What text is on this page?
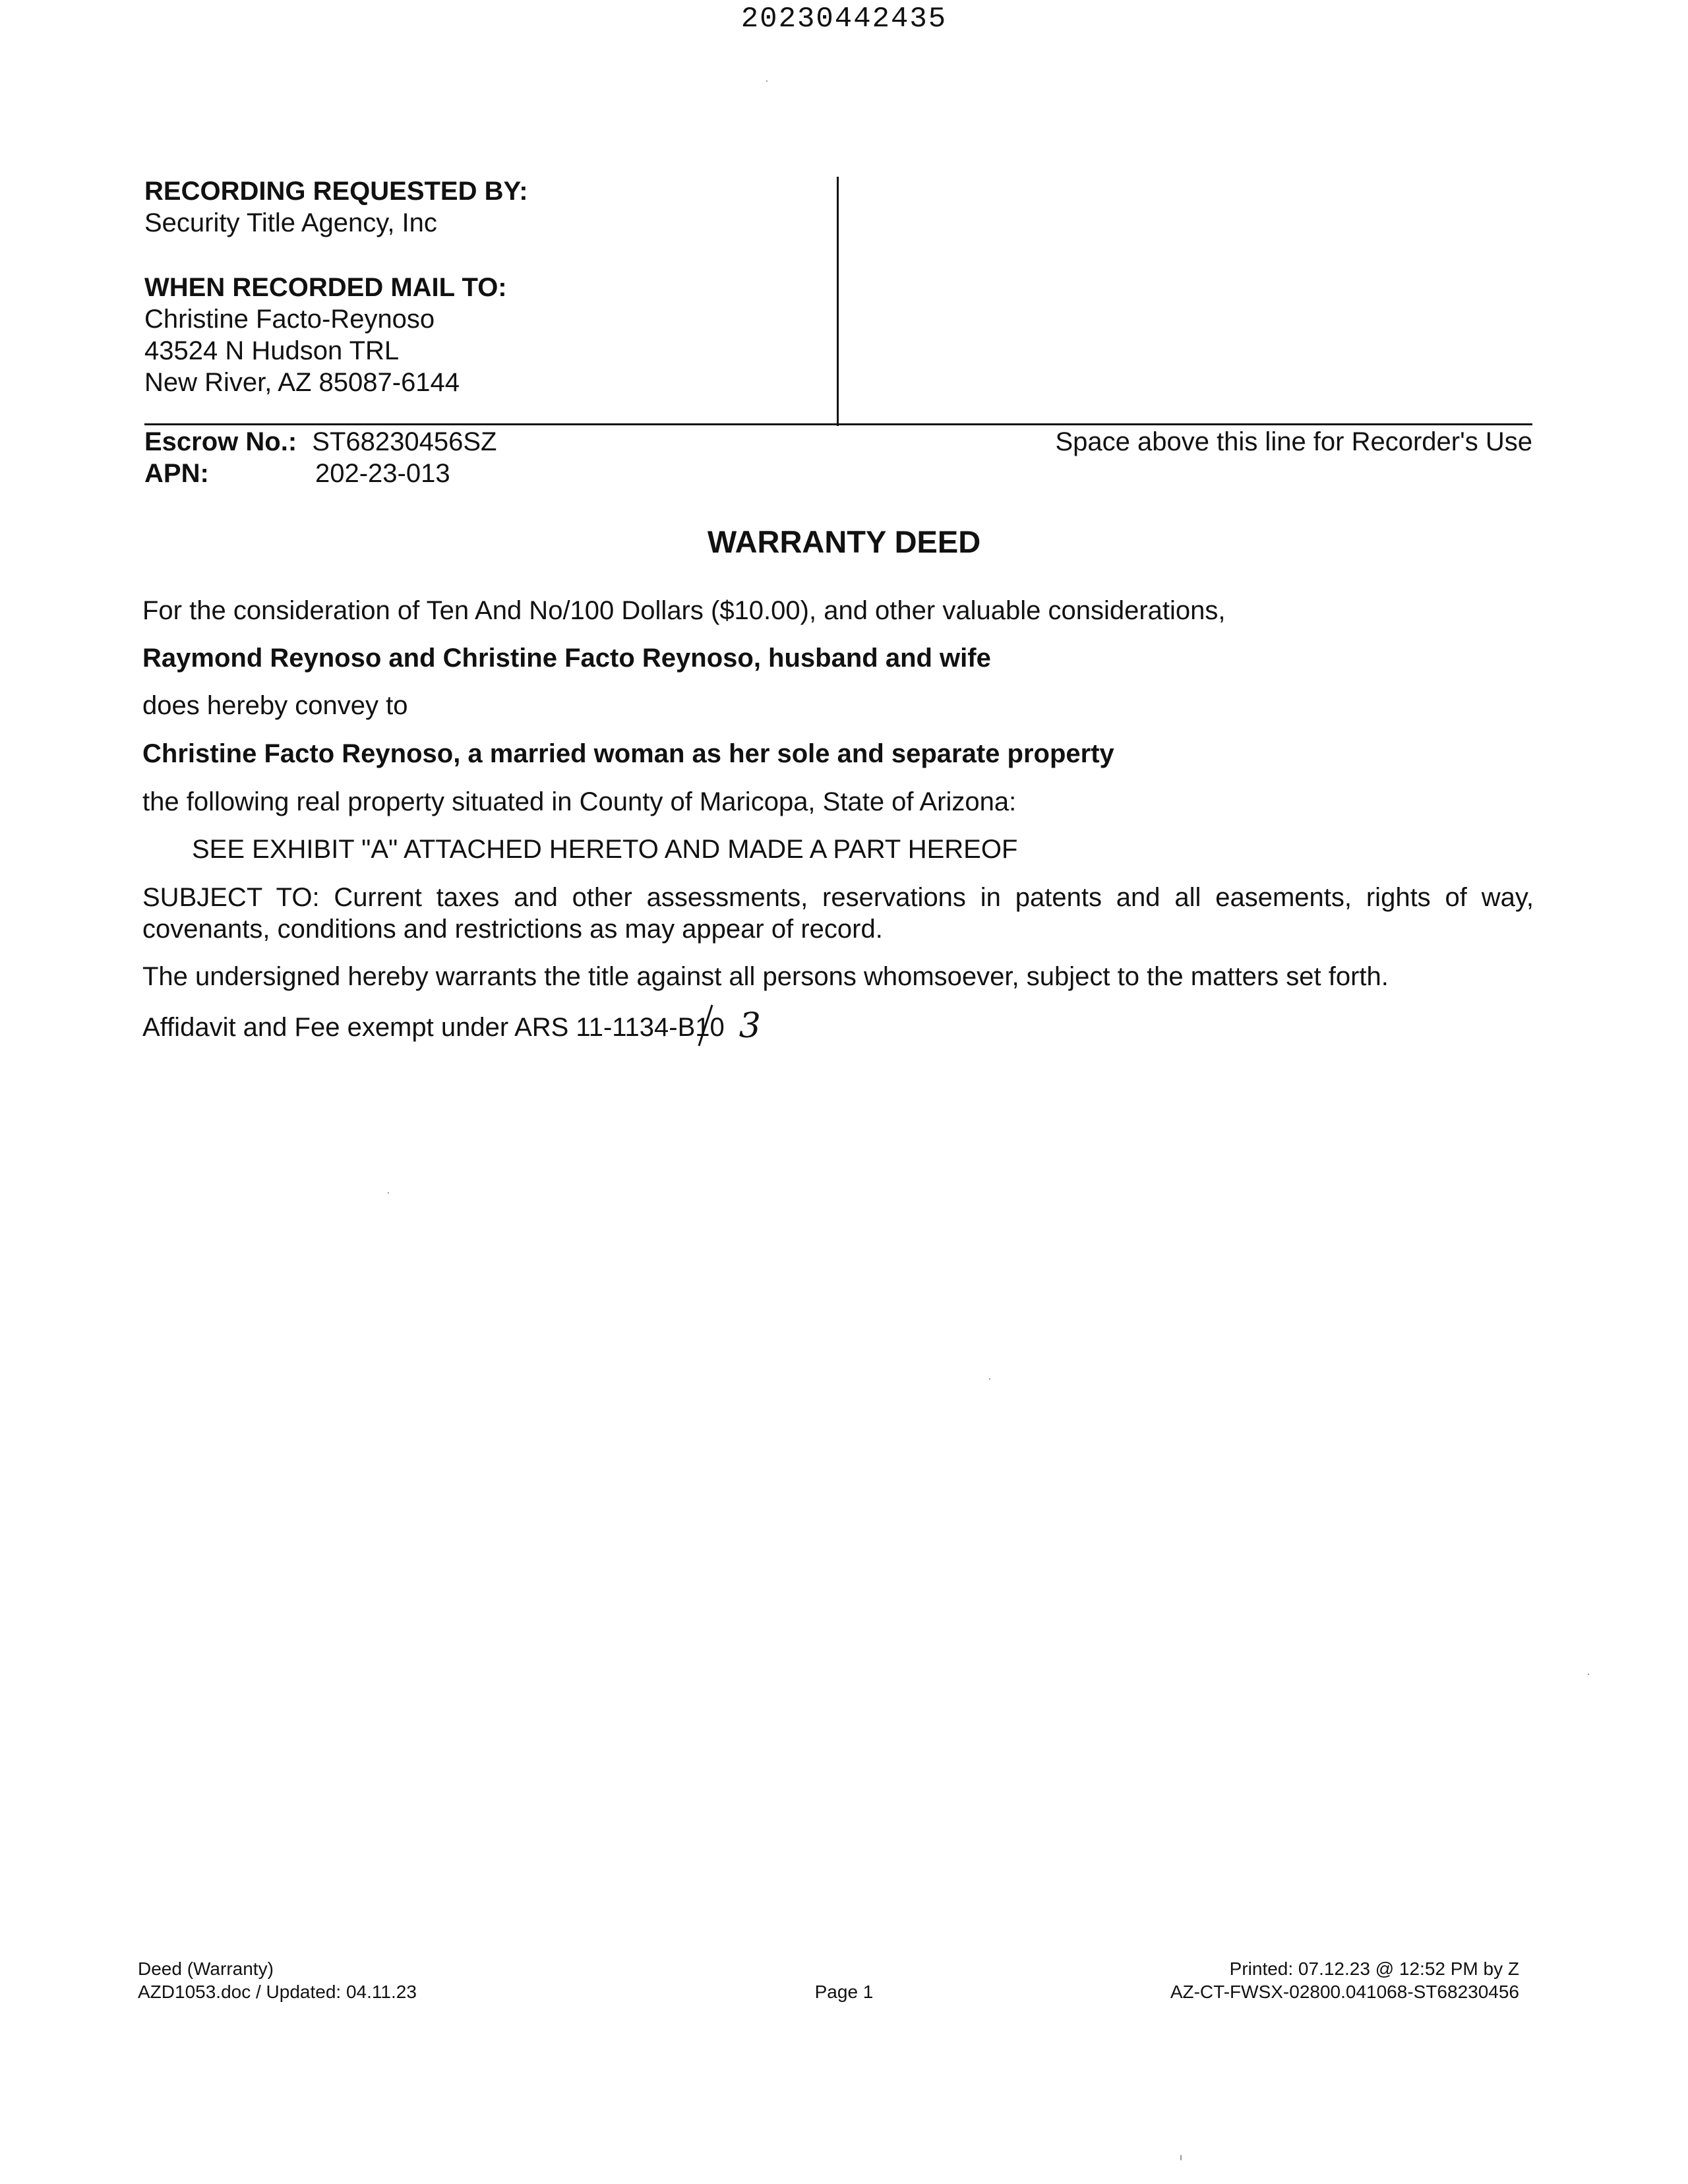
20230442435
RECORDING REQUESTED BY:
Security Title Agency, Inc
WHEN RECORDED MAIL TO:
Christine Facto-Reynoso
43524 N Hudson TRL
New River, AZ 85087-6144
Escrow No.: ST68230456SZ
APN:	202-23-013
Space above this line for Recorder's Use
WARRANTY DEED
For the consideration of Ten And No/100 Dollars ($10.00), and other valuable considerations,
Raymond Reynoso and Christine Facto Reynoso, husband and wife
does hereby convey to
Christine Facto Reynoso, a married woman as her sole and separate property
the following real property situated in County of Maricopa, State of Arizona:
SEE EXHIBIT "A" ATTACHED HERETO AND MADE A PART HEREOF
SUBJECT TO: Current taxes and other assessments, reservations in patents and all easements, rights of way, covenants, conditions and restrictions as may appear of record.
The undersigned hereby warrants the title against all persons whomsoever, subject to the matters set forth.
Affidavit and Fee exempt under ARS 11-1134-B10 3
Deed (Warranty)
AZD1053.doc / Updated: 04.11.23	Page 1
Printed: 07.12.23 @ 12:52 PM by Z
AZ-CT-FWSX-02800.041068-ST68230456
